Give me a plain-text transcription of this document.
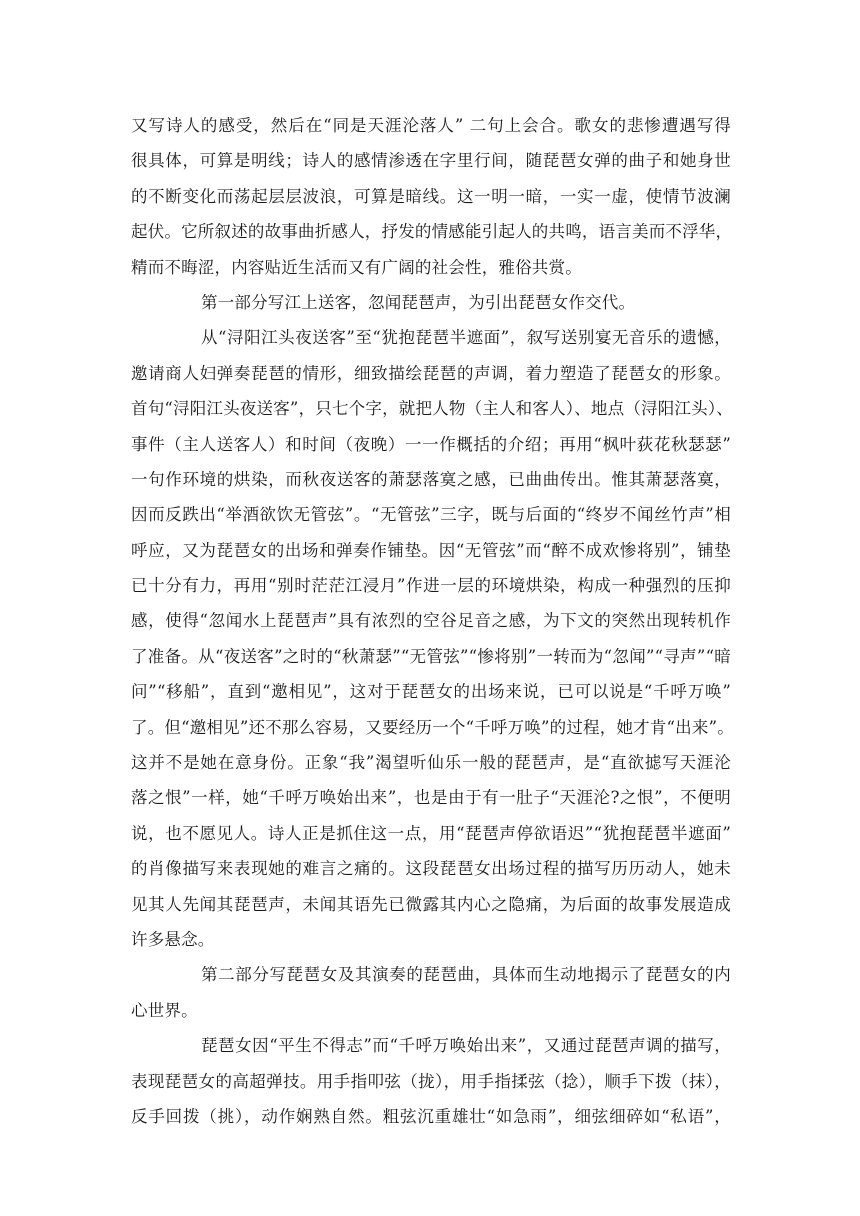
又写诗人的感受，然后在“同是天涯沦落人” 二句上会合。歌女的悲惨遭遇写得
很具体，可算是明线；诗人的感情渗透在字里行间，随琵琶女弹的曲子和她身世
的不断变化而荡起层层波浪，可算是暗线。这一明一暗，一实一虚，使情节波澜
起伏。它所叙述的故事曲折感人，抒发的情感能引起人的共鸣，语言美而不浮华，
精而不晦涩，内容贴近生活而又有广阔的社会性，雅俗共赏。
第一部分写江上送客，忽闻琵琶声，为引出琵琶女作交代。
从“浔阳江头夜送客”至“犹抱琵琶半遮面”，叙写送别宴无音乐的遗憾，
邀请商人妇弹奏琵琶的情形，细致描绘琵琶的声调，着力塑造了琵琶女的形象。
首句“浔阳江头夜送客”，只七个字，就把人物（主人和客人）、地点（浔阳江头）、
事件（主人送客人）和时间（夜晚）一一作概括的介绍；再用“枫叶荻花秋瑟瑟”
一句作环境的烘染，而秋夜送客的萧瑟落寞之感，已曲曲传出。惟其萧瑟落寞，
因而反跌出“举酒欲饮无管弦”。“无管弦”三字，既与后面的“终岁不闻丝竹声”相
呼应，又为琵琶女的出场和弹奏作铺垫。因“无管弦”而“醉不成欢惨将别”，铺垫
已十分有力，再用“别时茫茫江浸月”作进一层的环境烘染，构成一种强烈的压抑
感，使得“忽闻水上琵琶声”具有浓烈的空谷足音之感，为下文的突然出现转机作
了准备。从“夜送客”之时的“秋萧瑟”“无管弦”“惨将别”一转而为“忽闻”“寻声”“暗
问”“移船”，直到“邀相见”，这对于琵琶女的出场来说，已可以说是“千呼万唤”
了。但“邀相见”还不那么容易，又要经历一个“千呼万唤”的过程，她才肯“出来”。
这并不是她在意身份。正象“我”渴望听仙乐一般的琵琶声，是“直欲摅写天涯沦
落之恨”一样，她“千呼万唤始出来”，也是由于有一肚子“天涯沦?之恨”，不便明
说，也不愿见人。诗人正是抓住这一点，用“琵琶声停欲语迟”“犹抱琵琶半遮面”
的肖像描写来表现她的难言之痛的。这段琵琶女出场过程的描写历历动人，她未
见其人先闻其琵琶声，未闻其语先已微露其内心之隐痛，为后面的故事发展造成
许多悬念。
第二部分写琵琶女及其演奏的琵琶曲，具体而生动地揭示了琵琶女的内
心世界。
琵琶女因“平生不得志”而“千呼万唤始出来”，又通过琵琶声调的描写，
表现琵琶女的高超弹技。用手指叩弦（拢），用手指揉弦（捻），顺手下拨（抹），
反手回拨（挑），动作娴熟自然。粗弦沉重雄壮“如急雨”，细弦细碎如“私语”，
